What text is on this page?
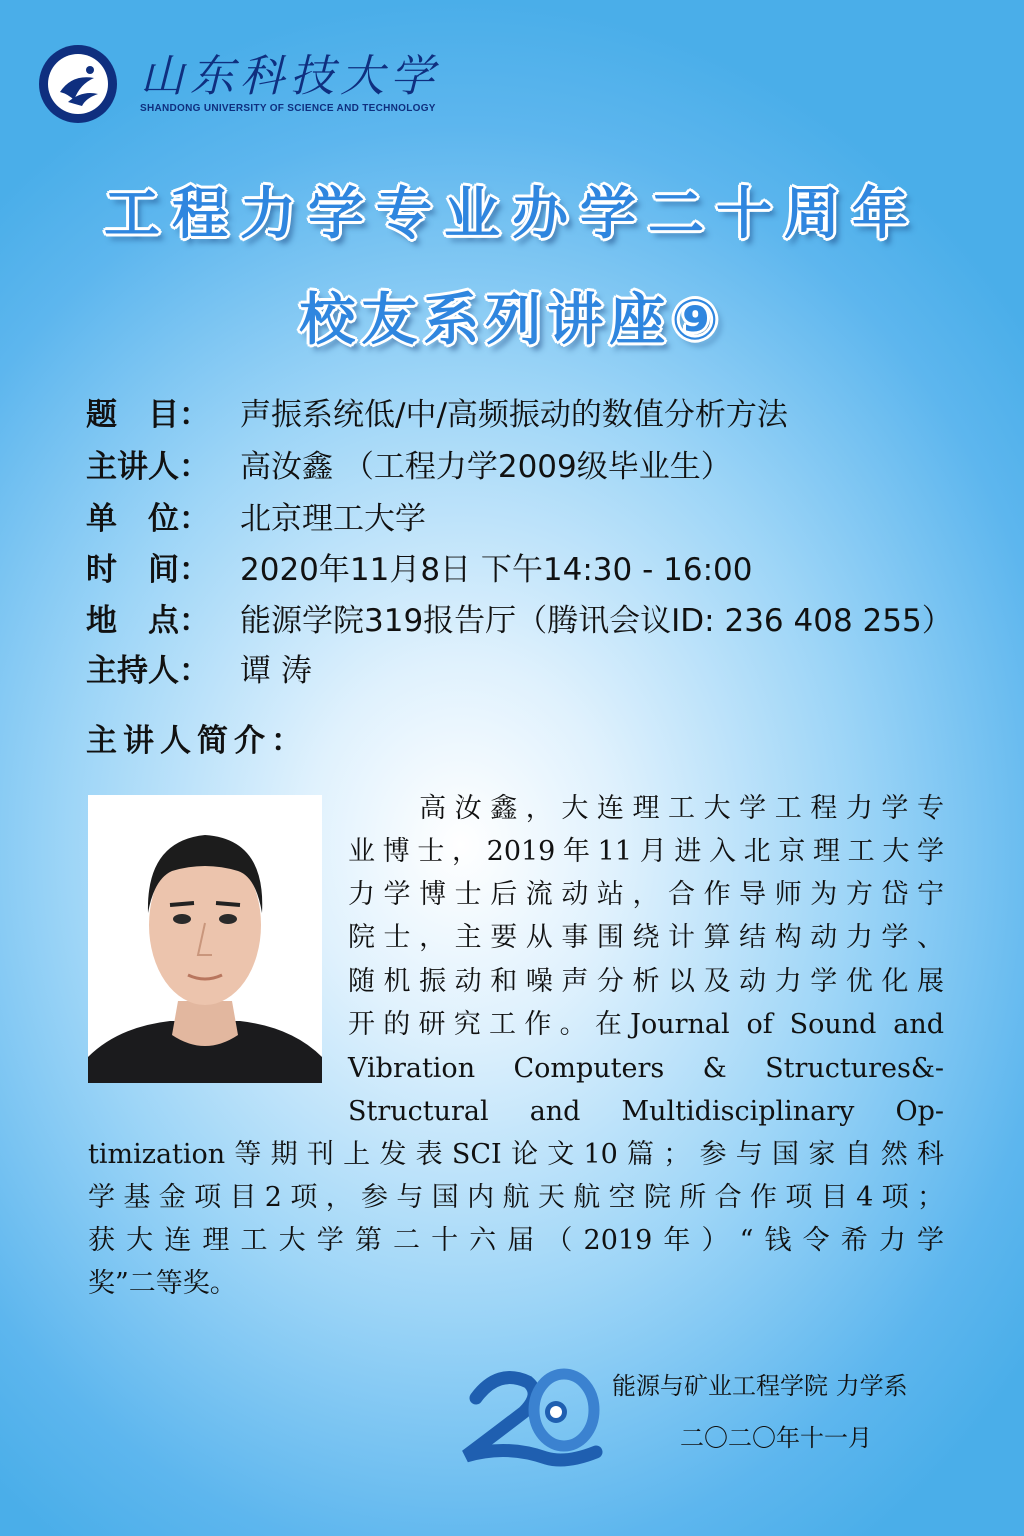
山东科技大学
SHANDONG UNIVERSITY OF SCIENCE AND TECHNOLOGY
工程力学专业办学二十周年
校友系列讲座⑨
题　目： 声振系统低/中/高频振动的数值分析方法
主讲人： 高汝鑫 （工程力学2009级毕业生）
单　位： 北京理工大学
时　间： 2020年11月8日 下午14:30 - 16:00
地　点： 能源学院319报告厅（腾讯会议ID: 236 408 255）
主持人： 谭 涛
主讲人简介：
　　高汝鑫，大连理工大学工程力学专
业博士，2019年11月进入北京理工大学
力学博士后流动站，合作导师为方岱宁
院士，主要从事围绕计算结构动力学、
随机振动和噪声分析以及动力学优化展
开的研究工作。在Journal of Sound and
Vibration Computers & Structures&-
Structural and Multidisciplinary Op-
timization等期刊上发表SCI论文10篇；参与国家自然科
学基金项目2项，参与国内航天航空院所合作项目4项；
获大连理工大学第二十六届（2019年）“钱令希力学
奖”二等奖。
能源与矿业工程学院 力学系
二〇二〇年十一月
